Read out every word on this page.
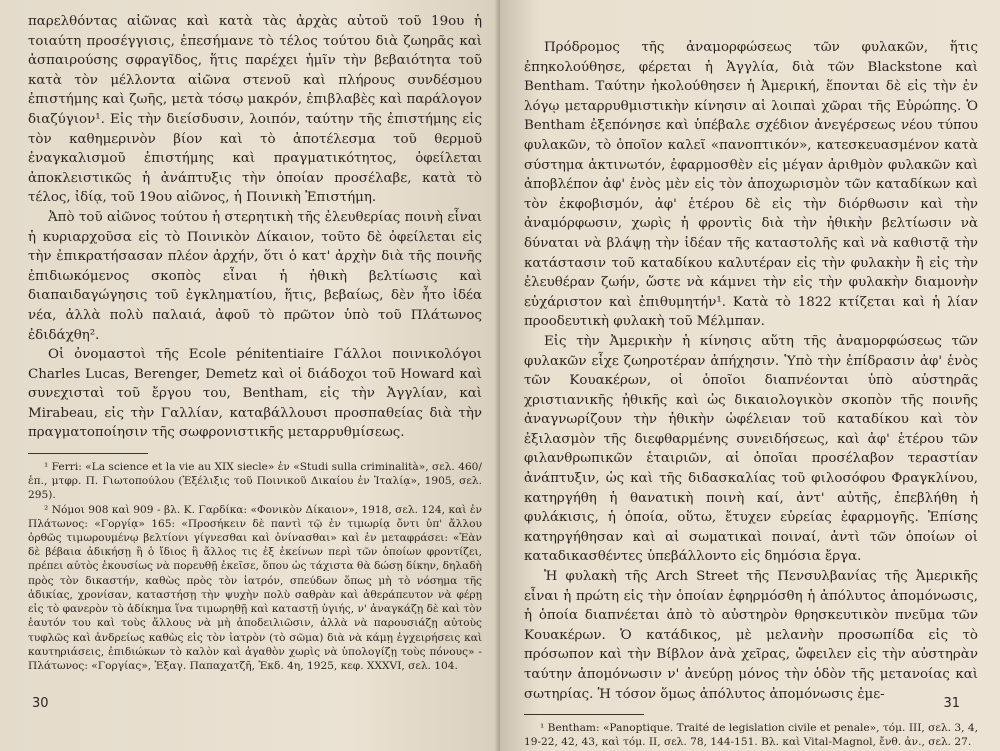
παρελθόντας αἰῶνας καὶ κατὰ τὰς ἀρχὰς αὐτοῦ τοῦ 19ου ἡ τοιαύτη προσέγγισις, ἐπεσήμανε τὸ τέλος τούτου διὰ ζωηρᾶς καὶ ἀσπαιρούσης σφραγῖδος, ἥτις παρέχει ἡμῖν τὴν βεβαιότητα τοῦ κατὰ τὸν μέλλοντα αἰῶνα στενοῦ καὶ πλήρους συνδέσμου ἐπιστήμης καὶ ζωῆς, μετὰ τόσῳ μακρόν, ἐπιβλαβὲς καὶ παράλογον διαζύγιον¹. Εἰς τὴν διείσδυσιν, λοιπόν, ταύτην τῆς ἐπιστήμης εἰς τὸν καθημερινὸν βίον καὶ τὸ ἀποτέλεσμα τοῦ θερμοῦ ἐναγκαλισμοῦ ἐπιστήμης καὶ πραγματικότητος, ὀφείλεται ἀποκλειστικῶς ἡ ἀνάπτυξις τὴν ὁποίαν προσέλαβε, κατὰ τὸ τέλος, ἰδίᾳ, τοῦ 19ου αἰῶνος, ἡ Ποινικὴ Ἐπιστήμη.

Ἀπὸ τοῦ αἰῶνος τούτου ἡ στερητικὴ τῆς ἐλευθερίας ποινὴ εἶναι ἡ κυριαρχοῦσα εἰς τὸ Ποινικὸν Δίκαιον, τοῦτο δὲ ὀφείλεται εἰς τὴν ἐπικρατήσασαν πλέον ἀρχήν, ὅτι ὁ κατ' ἀρχὴν διὰ τῆς ποινῆς ἐπιδιωκόμενος σκοπὸς εἶναι ἡ ἠθικὴ βελτίωσις καὶ διαπαιδαγώγησις τοῦ ἐγκληματίου, ἥτις, βεβαίως, δὲν ἦτο ἰδέα νέα, ἀλλὰ πολὺ παλαιά, ἀφοῦ τὸ πρῶτον ὑπὸ τοῦ Πλάτωνος ἐδιδάχθη².

Οἱ ὀνομαστοὶ τῆς Ecole pénitentiaire Γάλλοι ποινικολόγοι Charles Lucas, Berenger, Demetz καὶ οἱ διάδοχοι τοῦ Howard καὶ συνεχισταὶ τοῦ ἔργου του, Bentham, εἰς τὴν Ἀγγλίαν, καὶ Mirabeau, εἰς τὴν Γαλλίαν, καταβάλλουσι προσπαθείας διὰ τὴν πραγματοποίησιν τῆς σωφρονιστικῆς μεταρρυθμίσεως.

¹ Ferri: «La science et la vie au XIX siecle» ἐν «Studi sulla criminalità», σελ. 460/ἑπ., μτφρ. Π. Γιωτοπούλου (Ἐξέλιξις τοῦ Ποινικοῦ Δικαίου ἐν Ἰταλίᾳ», 1905, σελ. 295).

² Νόμοι 908 καὶ 909 - βλ. Κ. Γαρδίκα: «Φονικὸν Δίκαιον», 1918, σελ. 124, καὶ ἐν Πλάτωνος: «Γοργίᾳ» 165: «Προσήκειν δὲ παντὶ τῷ ἐν τιμωρίᾳ ὄντι ὑπ' ἄλλου ὀρθῶς τιμωρουμένῳ βελτίονι γίγνεσθαι καὶ ὀνίνασθαι» καὶ ἐν μεταφράσει: «Ἐὰν δὲ βέβαια ἀδικήσῃ ἢ ὁ ἴδιος ἢ ἄλλος τις ἐξ ἐκείνων περὶ τῶν ὁποίων φροντίζει, πρέπει αὐτὸς ἑκουσίως νὰ πορευθῇ ἐκεῖσε, ὅπου ὡς τάχιστα θὰ δώσῃ δίκην, δηλαδὴ πρὸς τὸν δικαστήν, καθὼς πρὸς τὸν ἰατρόν, σπεύδων ὅπως μὴ τὸ νόσημα τῆς ἀδικίας, χρονίσαν, καταστήσῃ τὴν ψυχὴν πολὺ σαθρὰν καὶ ἀθεράπευτον νὰ φέρῃ εἰς τὸ φανερὸν τὸ ἀδίκημα ἵνα τιμωρηθῇ καὶ καταστῇ ὑγιής, ν' ἀναγκάζῃ δὲ καὶ τὸν ἑαυτόν του καὶ τοὺς ἄλλους νὰ μὴ ἀποδειλιῶσιν, ἀλλὰ νὰ παρουσιάζῃ αὐτοὺς τυφλῶς καὶ ἀνδρείως καθὼς εἰς τὸν ἰατρὸν (τὸ σῶμα) διὰ νὰ κάμῃ ἐγχειρήσεις καὶ καυτηριάσεις, ἐπιδιώκων τὸ καλὸν καὶ ἀγαθὸν χωρὶς νὰ ὑπολογίζῃ τοὺς πόνους» - Πλάτωνος: «Γοργίας», Ἐξαγ. Παπαχατζῆ, Ἐκδ. 4η, 1925, κεφ. XXXVI, σελ. 104.

30

Πρόδρομος τῆς ἀναμορφώσεως τῶν φυλακῶν, ἥτις ἐπηκολούθησε, φέρεται ἡ Ἀγγλία, διὰ τῶν Blackstone καὶ Bentham. Ταύτην ἠκολούθησεν ἡ Ἀμερική, ἕπονται δὲ εἰς τὴν ἐν λόγῳ μεταρρυθμιστικὴν κίνησιν αἱ λοιπαὶ χῶραι τῆς Εὐρώπης. Ὁ Bentham ἐξεπόνησε καὶ ὑπέβαλε σχέδιον ἀνεγέρσεως νέου τύπου φυλακῶν, τὸ ὁποῖον καλεῖ «πανοπτικόν», κατεσκευασμένον κατὰ σύστημα ἀκτινωτόν, ἐφαρμοσθὲν εἰς μέγαν ἀριθμὸν φυλακῶν καὶ ἀποβλέπον ἀφ' ἑνὸς μὲν εἰς τὸν ἀποχωρισμὸν τῶν καταδίκων καὶ τὸν ἐκφοβισμόν, ἀφ' ἑτέρου δὲ εἰς τὴν διόρθωσιν καὶ τὴν ἀναμόρφωσιν, χωρὶς ἡ φροντὶς διὰ τὴν ἠθικὴν βελτίωσιν νὰ δύναται νὰ βλάψῃ τὴν ἰδέαν τῆς καταστολῆς καὶ νὰ καθιστᾷ τὴν κατάστασιν τοῦ καταδίκου καλυτέραν εἰς τὴν φυλακὴν ἢ εἰς τὴν ἐλευθέραν ζωήν, ὥστε νὰ κάμνει τὴν εἰς τὴν φυλακὴν διαμονὴν εὐχάριστον καὶ ἐπιθυμητήν¹. Κατὰ τὸ 1822 κτίζεται καὶ ἡ λίαν προοδευτικὴ φυλακὴ τοῦ Μέλμπαν.

Εἰς τὴν Ἀμερικὴν ἡ κίνησις αὕτη τῆς ἀναμορφώσεως τῶν φυλακῶν εἶχε ζωηροτέραν ἀπήχησιν. Ὑπὸ τὴν ἐπίδρασιν ἀφ' ἑνὸς τῶν Κουακέρων, οἱ ὁποῖοι διαπνέονται ὑπὸ αὐστηρᾶς χριστιανικῆς ἠθικῆς καὶ ὡς δικαιολογικὸν σκοπὸν τῆς ποινῆς ἀναγνωρίζουν τὴν ἠθικὴν ὠφέλειαν τοῦ καταδίκου καὶ τὸν ἐξιλασμὸν τῆς διεφθαρμένης συνειδήσεως, καὶ ἀφ' ἑτέρου τῶν φιλανθρωπικῶν ἑταιριῶν, αἱ ὁποῖαι προσέλαβον τεραστίαν ἀνάπτυξιν, ὡς καὶ τῆς διδασκαλίας τοῦ φιλοσόφου Φραγκλίνου, κατηργήθη ἡ θανατικὴ ποινὴ καί, ἀντ' αὐτῆς, ἐπεβλήθη ἡ φυλάκισις, ἡ ὁποία, οὕτω, ἔτυχεν εὐρείας ἐφαρμογῆς. Ἐπίσης κατηργήθησαν καὶ αἱ σωματικαὶ ποιναί, ἀντὶ τῶν ὁποίων οἱ καταδικασθέντες ὑπεβάλλοντο εἰς δημόσια ἔργα.

Ἡ φυλακὴ τῆς Arch Street τῆς Πενσυλβανίας τῆς Ἀμερικῆς εἶναι ἡ πρώτη εἰς τὴν ὁποίαν ἐφηρμόσθη ἡ ἀπόλυτος ἀπομόνωσις, ἡ ὁποία διαπνέεται ἀπὸ τὸ αὐστηρὸν θρησκευτικὸν πνεῦμα τῶν Κουακέρων. Ὁ κατάδικος, μὲ μελανὴν προσωπίδα εἰς τὸ πρόσωπον καὶ τὴν Βίβλον ἀνὰ χεῖρας, ὤφειλεν εἰς τὴν αὐστηρὰν ταύτην ἀπομόνωσιν ν' ἀνεύρῃ μόνος τὴν ὁδὸν τῆς μετανοίας καὶ σωτηρίας. Ἡ τόσον ὅμως ἀπόλυτος ἀπομόνωσις ἐμε-

¹ Bentham: «Panoptique. Traité de legislation civile et penale», τόμ. III, σελ. 3, 4, 19-22, 42, 43, καὶ τόμ. II, σελ. 78, 144-151. Βλ. καὶ Vital-Magnol, ἔνθ. ἀν., σελ. 27.

31
